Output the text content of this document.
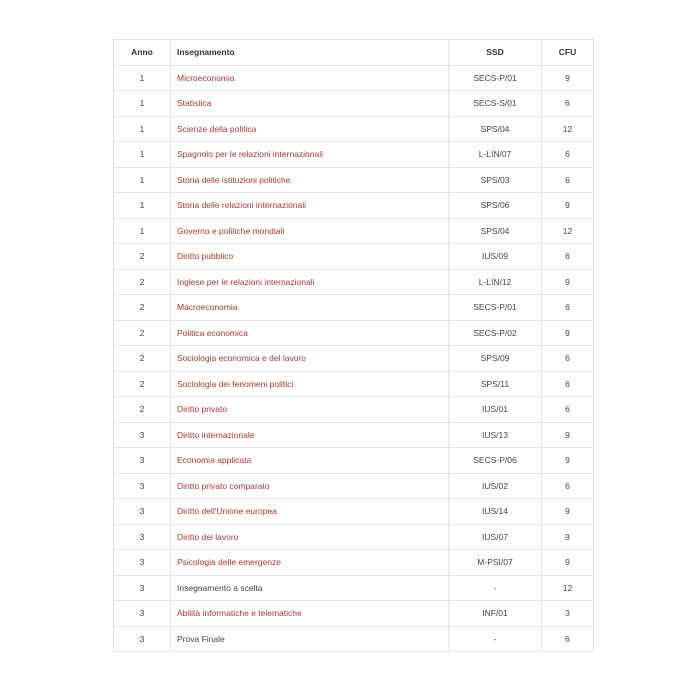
Anno	Insegnamento	SSD	CFU
1	Microeconomia	SECS-P/01	9
1	Statistica	SECS-S/01	6
1	Scienze della politica	SPS/04	12
1	Spagnolo per le relazioni internazionali	L-LIN/07	6
1	Storia delle istituzioni politiche	SPS/03	6
1	Storia delle relazioni internazionali	SPS/06	9
1	Governo e politiche mondiali	SPS/04	12
2	Diritto pubblico	IUS/09	6
2	Inglese per le relazioni internazionali	L-LIN/12	9
2	Macroeconomia	SECS-P/01	6
2	Politica economica	SECS-P/02	9
2	Sociologia economica e del lavoro	SPS/09	6
2	Sociologia dei fenomeni politici	SPS/11	6
2	Diritto privato	IUS/01	6
3	Diritto internazionale	IUS/13	9
3	Economia applicata	SECS-P/06	9
3	Diritto privato comparato	IUS/02	6
3	Diritto dell'Unione europea	IUS/14	9
3	Diritto del lavoro	IUS/07	9
3	Psicologia delle emergenze	M-PSI/07	9
3	Insegnamento a scelta	-	12
3	Abilità informatiche e telematiche	INF/01	3
3	Prova Finale	-	6
